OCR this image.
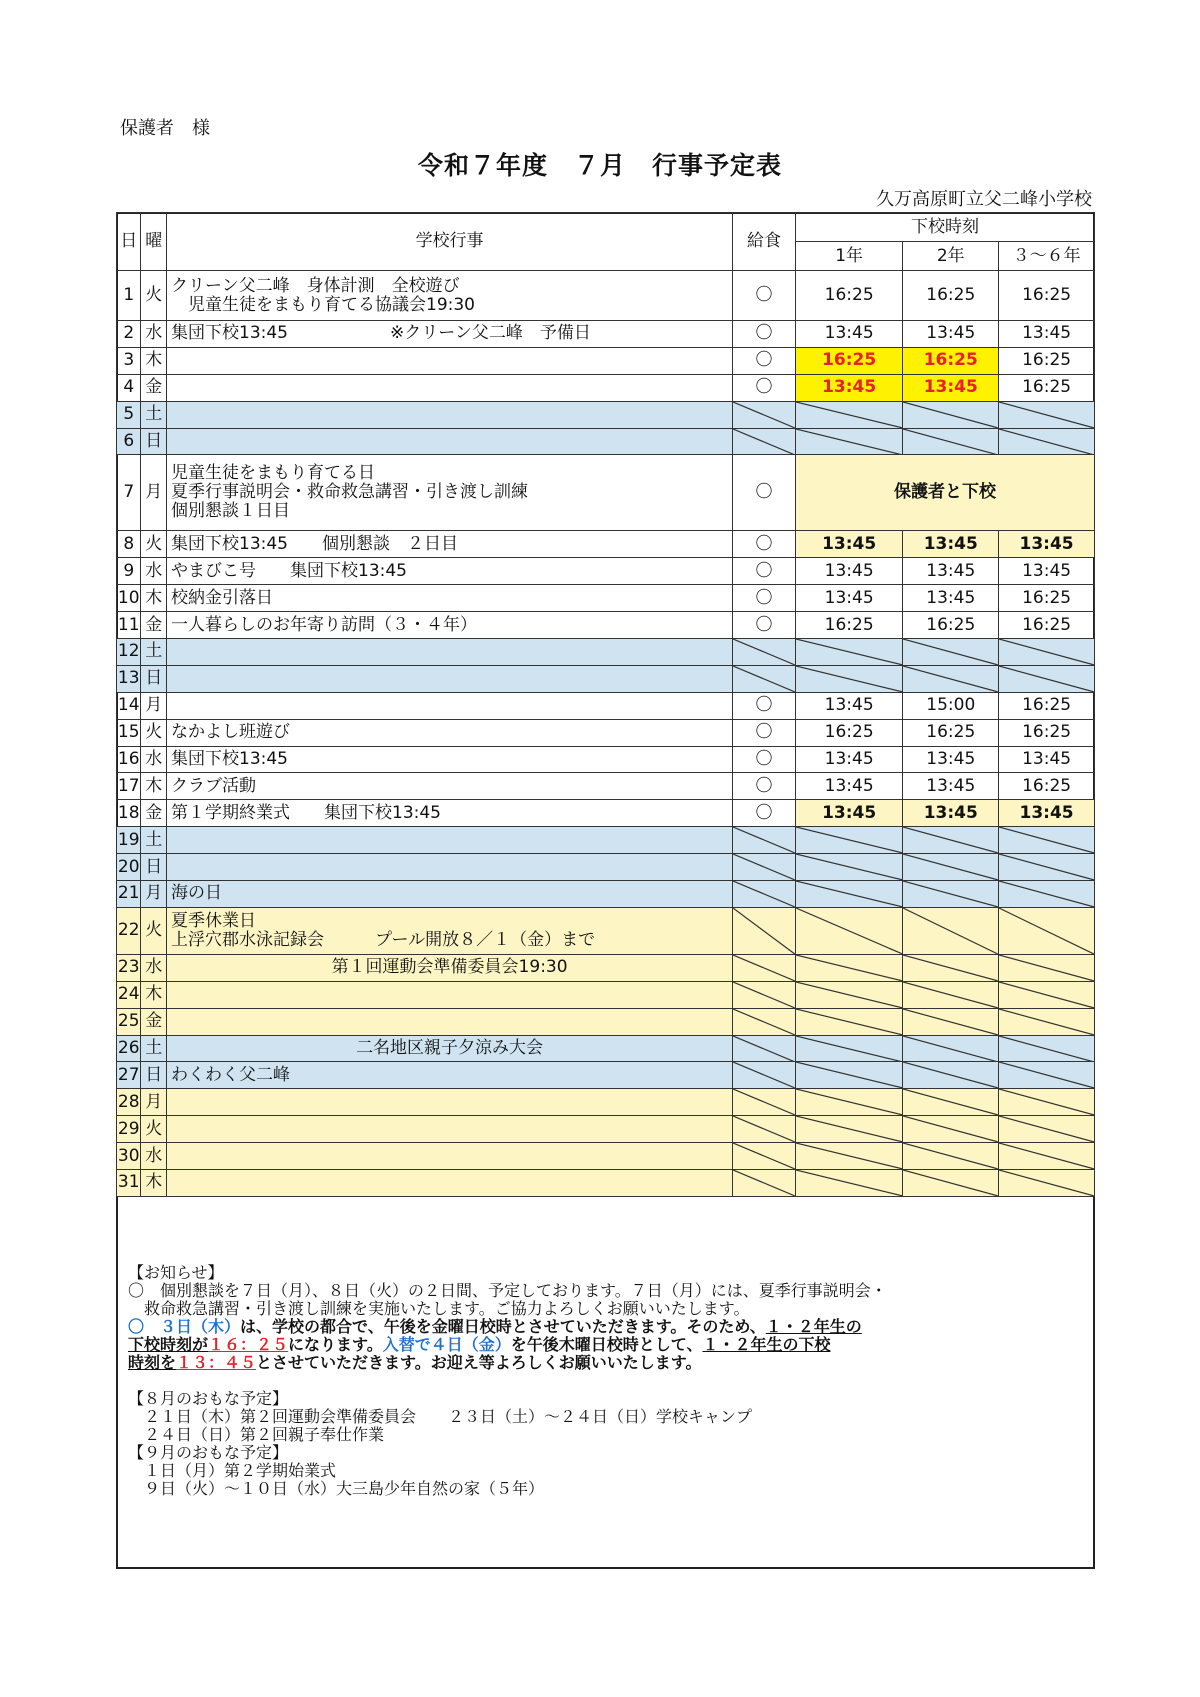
保護者　様
令和７年度　７月　行事予定表
久万高原町立父二峰小学校
日	曜	学校行事	給食	下校時刻		
				1年	2年	３～６年
1	火	クリーン父二峰　身体計測　全校遊び
　児童生徒をまもり育てる協議会19:30	〇	16:25	16:25	16:25
2	水	集団下校13:45　　　　　　※クリーン父二峰　予備日	〇	13:45	13:45	13:45
3	木		〇	16:25	16:25	16:25
4	金		〇	13:45	13:45	16:25
5	土	

6	日	

7	月	児童生徒をまもり育てる日
夏季行事説明会・救命救急講習・引き渡し訓練
個別懇談１日目	〇	保護者と下校		
8	火	集団下校13:45　　個別懇談　２日目	〇	13:45	13:45	13:45
9	水	やまびこ号　　集団下校13:45	〇	13:45	13:45	13:45
10	木	校納金引落日	〇	13:45	13:45	16:25
11	金	一人暮らしのお年寄り訪問（３・４年）	〇	16:25	16:25	16:25
12	土	

13	日	

14	月		〇	13:45	15:00	16:25
15	火	なかよし班遊び	〇	16:25	16:25	16:25
16	水	集団下校13:45	〇	13:45	13:45	13:45
17	木	クラブ活動	〇	13:45	13:45	16:25
18	金	第１学期終業式　　集団下校13:45	〇	13:45	13:45	13:45
19	土	

20	日	

21	月	海の日

22	火	夏季休業日
上浮穴郡水泳記録会　　　プール開放８／１（金）まで

23	水	第１回運動会準備委員会19:30

24	木	

25	金	

26	土	二名地区親子夕涼み大会

27	日	わくわく父二峰

28	月	

29	火	

30	水	

31	木	

【お知らせ】

〇　個別懇談を７日（月）、８日（火）の２日間、予定しております。７日（月）には、夏季行事説明会・

　救命救急講習・引き渡し訓練を実施いたします。ご協力よろしくお願いいたします。

〇　３日（木）は、学校の都合で、午後を金曜日校時とさせていただきます。そのため、１・２年生の

下校時刻が１６：２５になります。入替で４日（金）を午後木曜日校時として、１・２年生の下校

時刻を１３：４５とさせていただきます。お迎え等よろしくお願いいたします。

【８月のおもな予定】

　２１日（木）第２回運動会準備委員会　　２３日（土）～２４日（日）学校キャンプ

　２４日（日）第２回親子奉仕作業

【９月のおもな予定】

　１日（月）第２学期始業式

　９日（火）～１０日（水）大三島少年自然の家（５年）
